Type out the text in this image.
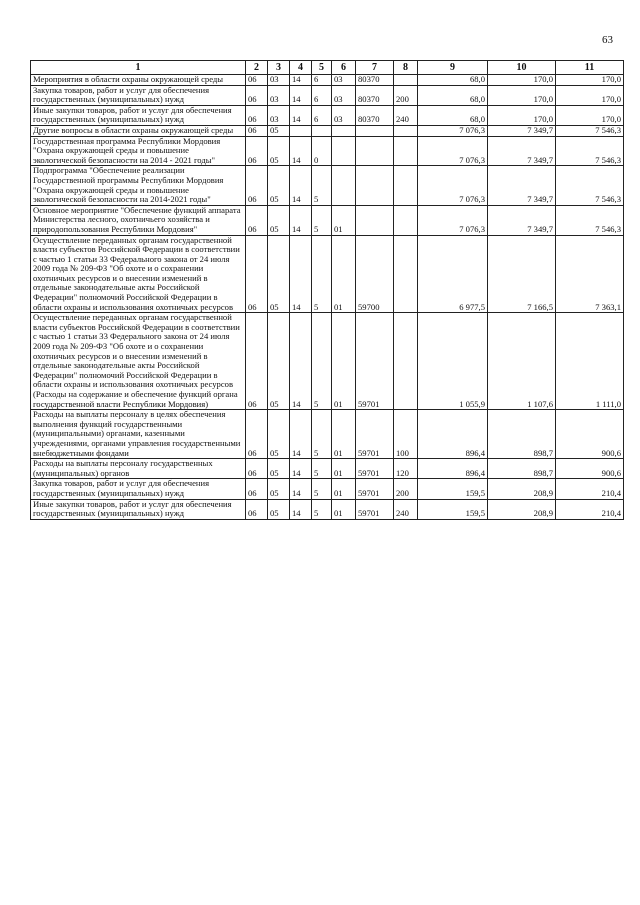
63
1	2	3	4	5	6	7	8	9	10	11
Мероприятия в области охраны окружающей среды	06	03	14	6	03	80370		68,0	170,0	170,0
Закупка товаров, работ и услуг для обеспечения государственных (муниципальных) нужд	06	03	14	6	03	80370	200	68,0	170,0	170,0
Иные закупки товаров, работ и услуг для обеспечения государственных (муниципальных) нужд	06	03	14	6	03	80370	240	68,0	170,0	170,0
Другие вопросы в области охраны окружающей среды	06	05						7 076,3	7 349,7	7 546,3
Государственная программа Республики Мордовия "Охрана окружающей среды и повышение экологической безопасности на 2014 - 2021 годы"	06	05	14	0				7 076,3	7 349,7	7 546,3
Подпрограмма "Обеспечение реализации Государственной программы Республики Мордовия "Охрана окружающей среды и повышение экологической безопасности на 2014-2021 годы"	06	05	14	5				7 076,3	7 349,7	7 546,3
Основное мероприятие "Обеспечение функций аппарата Министерства лесного, охотничьего хозяйства и природопользования Республики Мордовия"	06	05	14	5	01			7 076,3	7 349,7	7 546,3
Осуществление переданных органам государственной власти субъектов Российской Федерации в соответствии с частью 1 статьи 33 Федерального закона от 24 июля 2009 года № 209-ФЗ "Об охоте и о сохранении охотничьих ресурсов и о внесении изменений в отдельные законодательные акты Российской Федерации" полномочий Российской Федерации в области охраны и использования охотничьих ресурсов	06	05	14	5	01	59700		6 977,5	7 166,5	7 363,1
Осуществление переданных органам государственной власти субъектов Российской Федерации в соответствии с частью 1 статьи 33 Федерального закона от 24 июля 2009 года № 209-ФЗ "Об охоте и о сохранении охотничьих ресурсов и о внесении изменений в отдельные законодательные акты Российской Федерации" полномочий Российской Федерации в области охраны и использования охотничьих ресурсов (Расходы на содержание и обеспечение функций органа государственной власти Республики Мордовия)	06	05	14	5	01	59701		1 055,9	1 107,6	1 111,0
Расходы на выплаты персоналу в целях обеспечения выполнения функций государственными (муниципальными) органами, казенными учреждениями, органами управления государственными внебюджетными фондами	06	05	14	5	01	59701	100	896,4	898,7	900,6
Расходы на выплаты персоналу государственных (муниципальных) органов	06	05	14	5	01	59701	120	896,4	898,7	900,6
Закупка товаров, работ и услуг для обеспечения государственных (муниципальных) нужд	06	05	14	5	01	59701	200	159,5	208,9	210,4
Иные закупки товаров, работ и услуг для обеспечения государственных (муниципальных) нужд	06	05	14	5	01	59701	240	159,5	208,9	210,4
